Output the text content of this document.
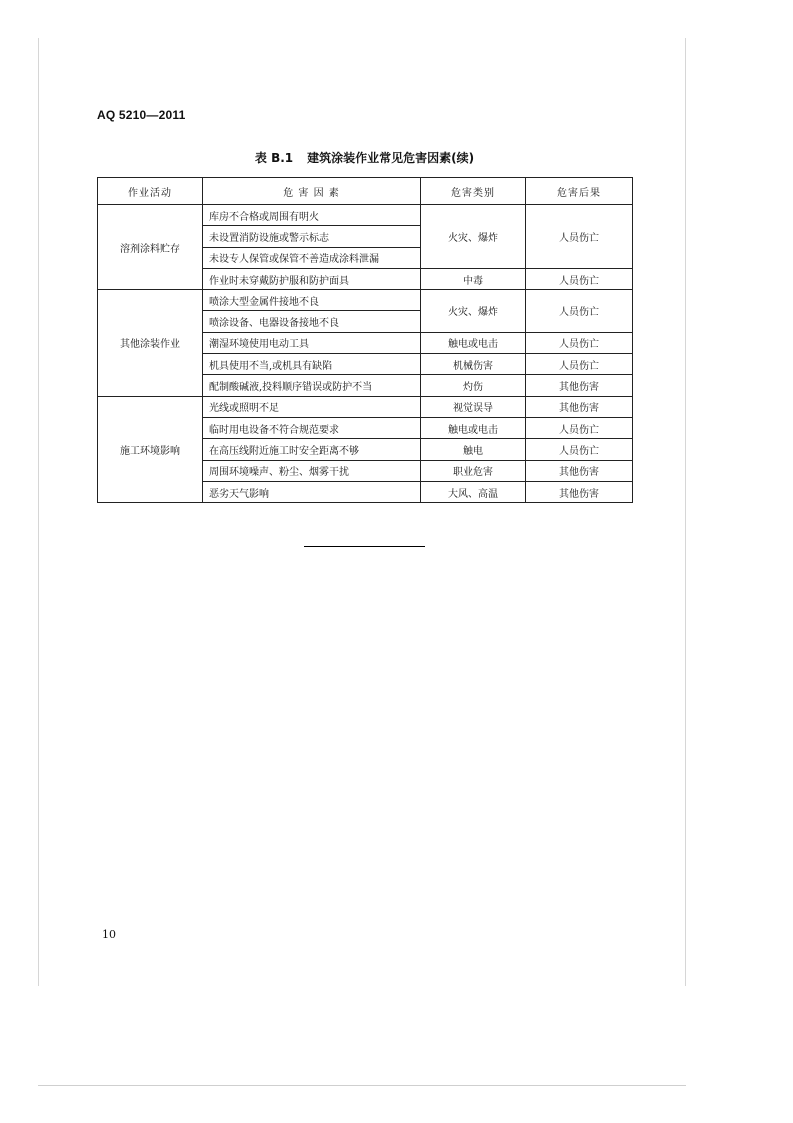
AQ 5210—2011
表 B.1 建筑涂装作业常见危害因素(续)
作业活动	危 害 因 素	危害类别	危害后果
溶剂涂料贮存	库房不合格或周围有明火	火灾、爆炸	人员伤亡
	未设置消防设施或警示标志		
	未设专人保管或保管不善造成涂料泄漏		
	作业时未穿戴防护服和防护面具	中毒	人员伤亡
其他涂装作业	喷涂大型金属件接地不良	火灾、爆炸	人员伤亡
	喷涂设备、电器设备接地不良		
	潮湿环境使用电动工具	触电或电击	人员伤亡
	机具使用不当,或机具有缺陷	机械伤害	人员伤亡
	配制酸碱液,投料顺序错误或防护不当	灼伤	其他伤害
施工环境影响	光线或照明不足	视觉误导	其他伤害
	临时用电设备不符合规范要求	触电或电击	人员伤亡
	在高压线附近施工时安全距离不够	触电	人员伤亡
	周围环境噪声、粉尘、烟雾干扰	职业危害	其他伤害
	恶劣天气影响	大风、高温	其他伤害
10
